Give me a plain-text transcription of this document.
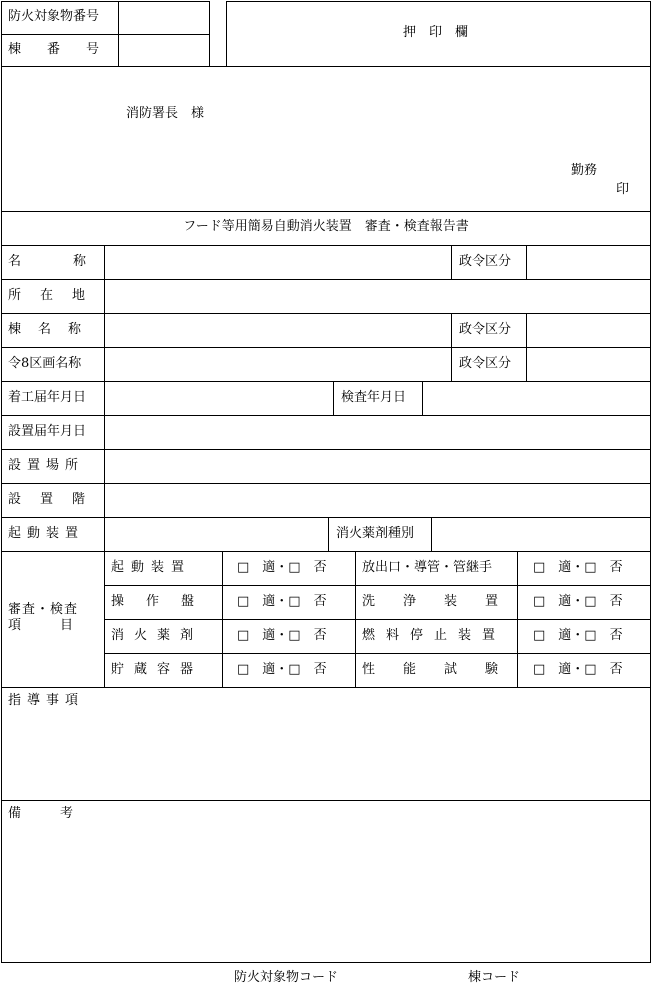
防火対象物番号
棟　　番　　号
押　印　欄
消防署長　様
勤務
印
フード等用簡易自動消火装置　審査・検査報告書
名　　　　称	政令区分
所　在　地
棟　名　称	政令区分
令8区画名称	政令区分
着工届年月日	検査年月日
設置届年月日
設置場所
設　置　階
起動装置	消火薬剤種別
審査・検査
項　　　目
起動装置	□　適・□　否	放出口・導管・管継手	□　適・□　否
操作盤 □　適・□　否	洗浄装置 □　適・□　否
消火薬剤	□　適・□　否	燃料停止装置 □　適・□　否
貯蔵容器	□　適・□　否	性能試験 □　適・□　否
指導事項
備　　　考
防火対象物コード	棟コード
